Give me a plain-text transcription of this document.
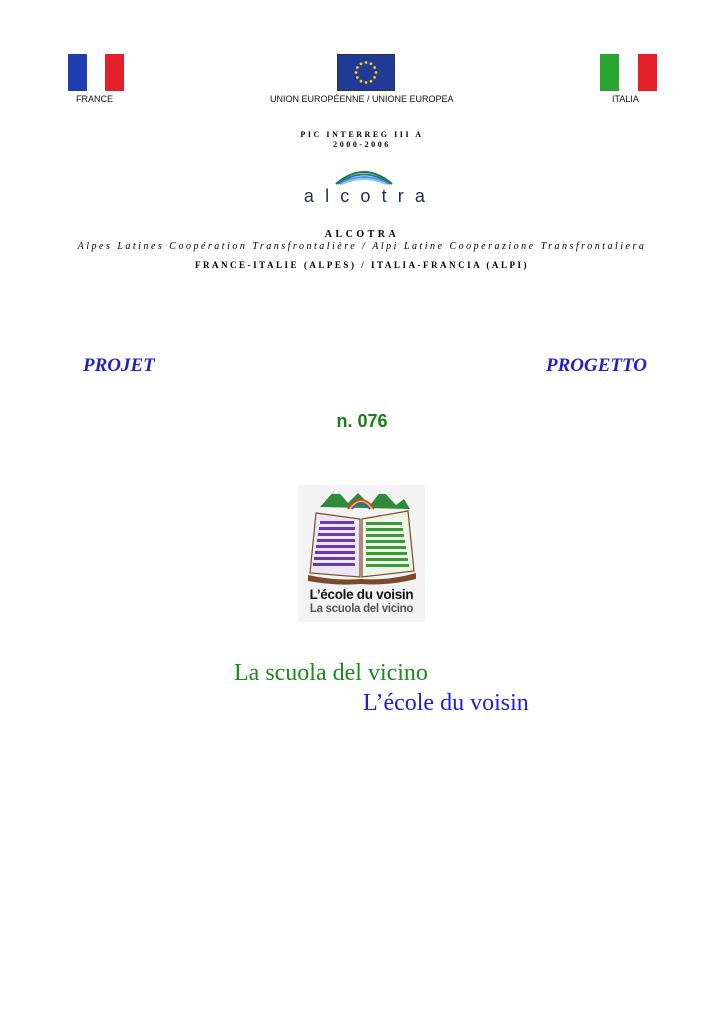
FRANCE	UNION EUROPÉENNE / UNIONE EUROPEA	ITALIA
PIC INTERREG III A
2000-2006
alcotra
ALCOTRA
Alpes Latines Coopération Transfrontalière / Alpi Latine Cooperazione Transfrontaliera
FRANCE-ITALIE (ALPES) / ITALIA-FRANCIA (ALPI)
PROJET	PROGETTO
n. 076
L’école du voisin
La scuola del vicino
La scuola del vicino
L’école du voisin
